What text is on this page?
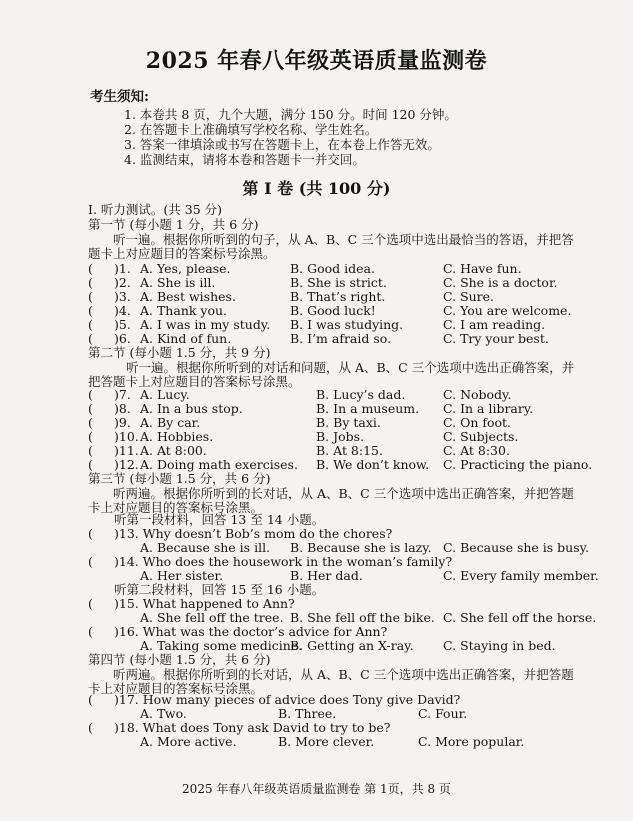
2025 年春八年级英语质量监测卷
考生须知:
1. 本卷共 8 页，九个大题，满分 150 分。时间 120 分钟。
2. 在答题卡上准确填写学校名称、学生姓名。
3. 答案一律填涂或书写在答题卡上，在本卷上作答无效。
4. 监测结束，请将本卷和答题卡一并交回。
第 I 卷 (共 100 分)
I. 听力测试。(共 35 分)
第一节 (每小题 1 分，共 6 分)
听一遍。根据你所听到的句子，从 A、B、C 三个选项中选出最恰当的答语，并把答题卡上对应题目的答案标号涂黑。
( )1. A. Yes, please.	B. Good idea.	C. Have fun.
( )2. A. She is ill.	B. She is strict.	C. She is a doctor.
( )3. A. Best wishes.	B. That’s right.	C. Sure.
( )4. A. Thank you.	B. Good luck!	C. You are welcome.
( )5. A. I was in my study. B. I was studying.	C. I am reading.
( )6. A. Kind of fun.	B. I’m afraid so.	C. Try your best.
第二节 (每小题 1.5 分，共 9 分)
听一遍。根据你所听到的对话和问题，从 A、B、C 三个选项中选出正确答案，并把答题卡上对应题目的答案标号涂黑。
( )7. A. Lucy.	B. Lucy’s dad.	C. Nobody.
( )8. A. In a bus stop.	B. In a museum. C. In a library.
( )9. A. By car.	B. By taxi.	C. On foot.
( )10. A. Hobbies.	B. Jobs.	C. Subjects.
( )11. A. At 8:00.	B. At 8:15.	C. At 8:30.
( )12. A. Doing math exercises. B. We don’t know. C. Practicing the piano.
第三节 (每小题 1.5 分，共 6 分)
听两遍。根据你所听到的长对话，从 A、B、C 三个选项中选出正确答案，并把答题卡上对应题目的答案标号涂黑。
听第一段材料，回答 13 至 14 小题。
( )13. Why doesn’t Bob’s mom do the chores?
A. Because she is ill. B. Because she is lazy. C. Because she is busy.
( )14. Who does the housework in the woman’s family?
A. Her sister.	B. Her dad.	C. Every family member.
听第二段材料，回答 15 至 16 小题。
( )15. What happened to Ann?
A. She fell off the tree. B. She fell off the bike. C. She fell off the horse.
( )16. What was the doctor’s advice for Ann?
A. Taking some medicine.
B. Getting an X-ray. C. Staying in bed.
第四节 (每小题 1.5 分，共 6 分)
听两遍。根据你所听到的长对话，从 A、B、C 三个选项中选出正确答案，并把答题 卡上对应题目的答案标号涂黑。
( )17. How many pieces of advice does Tony give David?
A. Two.	B. Three.	C. Four.
( )18. What does Tony ask David to try to be?
A. More active.	B. More clever.	C. More popular.
2025 年春八年级英语质量监测卷 第 1页，共 8 页
